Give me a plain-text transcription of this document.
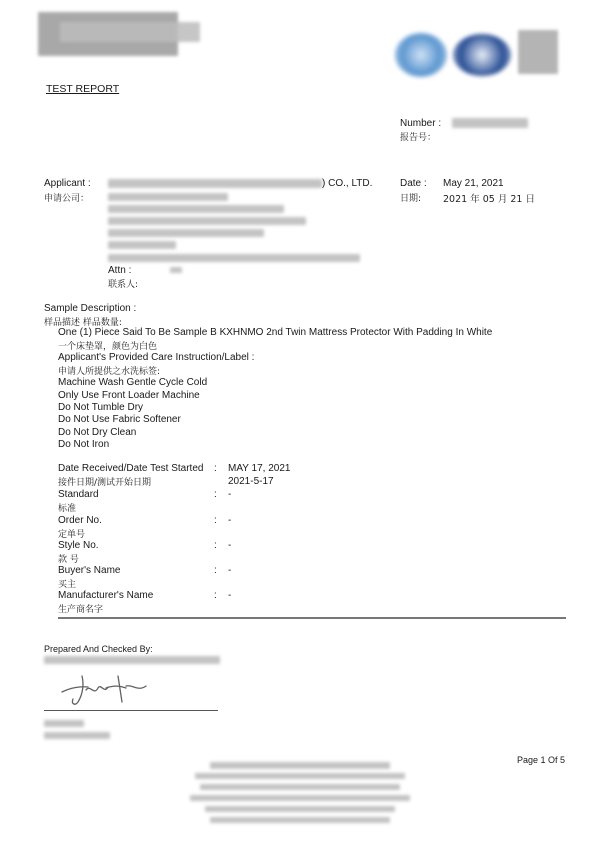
TEST REPORT
Number :
报告号：
Applicant :
申请公司：
) CO., LTD.	Date :
日期:
May 21, 2021
2021 年 05 月 21 日
Attn :
联系人:
Sample Description :
样品描述 样品数量:
One (1) Piece Said To Be Sample B KXHNMO 2nd Twin Mattress Protector With Padding In White
一个床垫罩，颜色为白色
Applicant's Provided Care Instruction/Label :
申请人所提供之水洗标签:
Machine Wash Gentle Cycle Cold
Only Use Front Loader Machine
Do Not Tumble Dry
Do Not Use Fabric Softener
Do Not Dry Clean
Do Not Iron
Date Received/Date Test Started
接件日期/测试开始日期
: MAY 17, 2021
2021-5-17
Standard
标准
: -
Order No.
定单号
: -
Style No.
款 号
: -
Buyer's Name
买主
: -
Manufacturer's Name
生产商名字
: -
Prepared And Checked By:
Page 1 Of 5
